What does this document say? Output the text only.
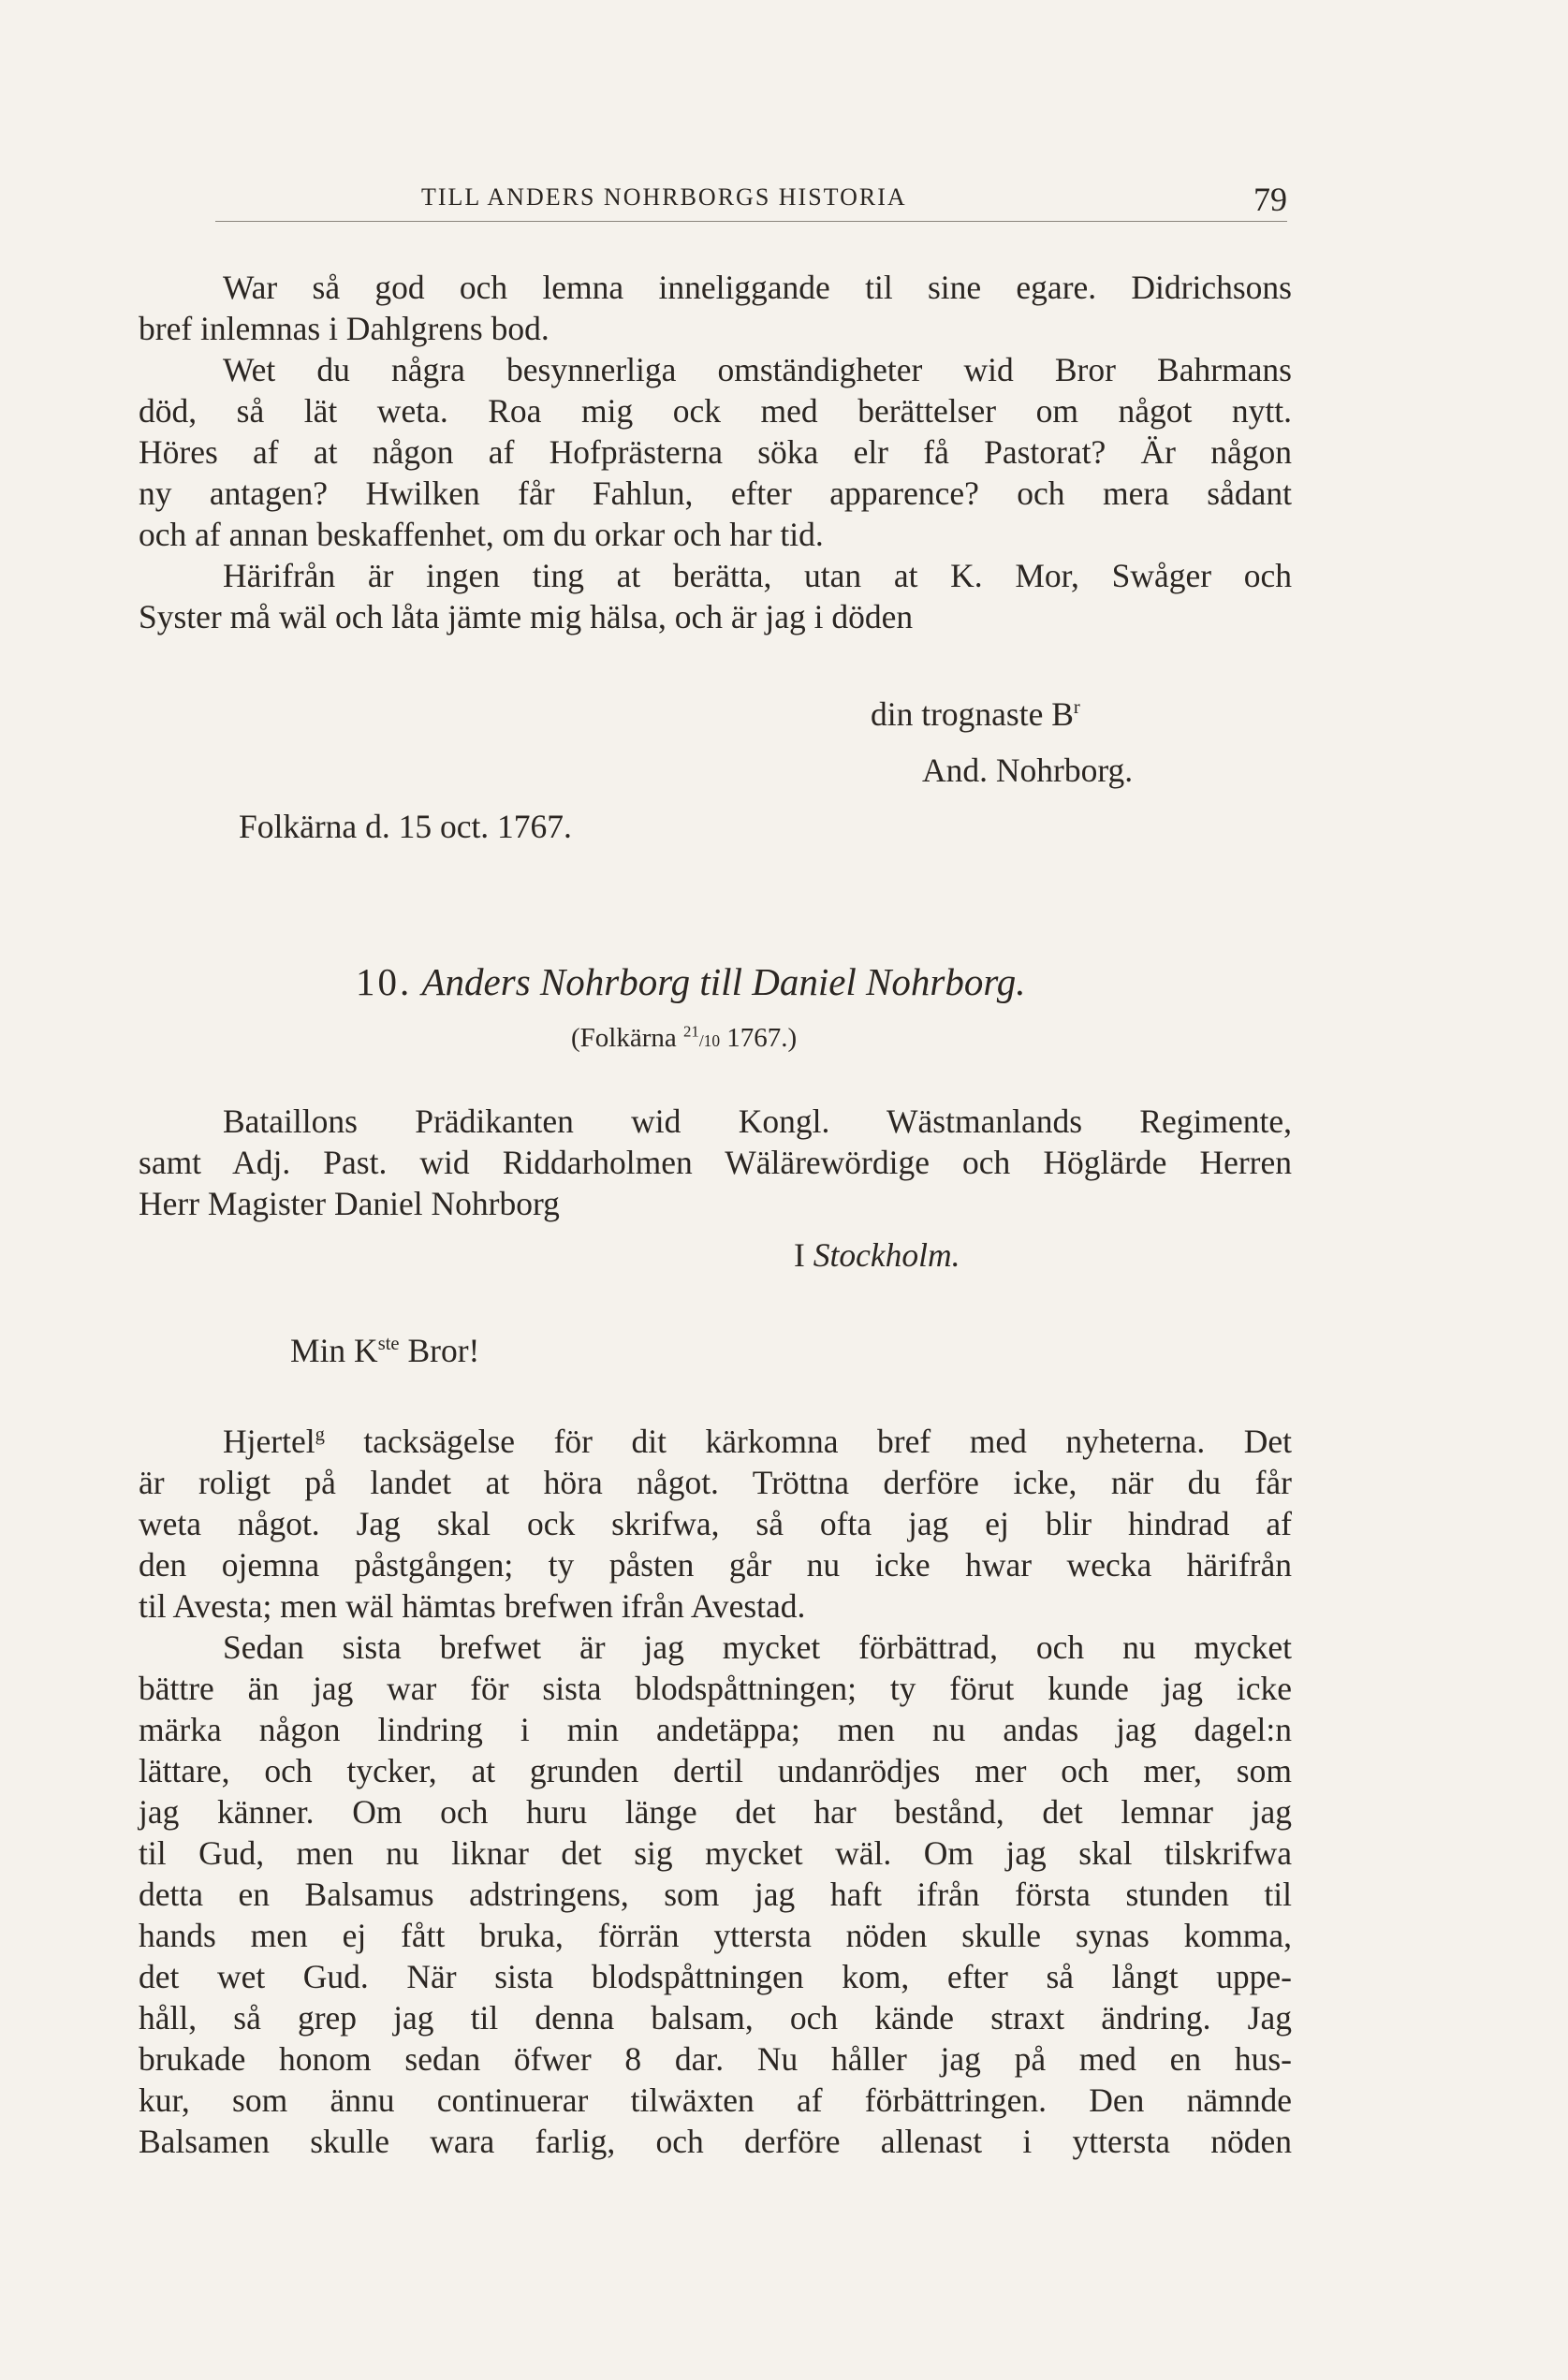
TILL ANDERS NOHRBORGS HISTORIA	79
War så god och lemna inneliggande til sine egare. Didrichsons
bref inlemnas i Dahlgrens bod.
Wet du några besynnerliga omständigheter wid Bror Bahrmans
död, så lät weta. Roa mig ock med berättelser om något nytt.
Höres af at någon af Hofprästerna söka elr få Pastorat? Är någon
ny antagen? Hwilken får Fahlun, efter apparence? och mera sådant
och af annan beskaffenhet, om du orkar och har tid.
Härifrån är ingen ting at berätta, utan at K. Mor, Swåger och
Syster må wäl och låta jämte mig hälsa, och är jag i döden
din trognaste $B^r$
And. Nohrborg.
Folkärna d. 15 oct. 1767.
10. Anders Nohrborg till Daniel Nohrborg.
(Folkärna $^{21}$/10 1767.)
Bataillons Prädikanten wid Kongl. Wästmanlands Regimente,
samt Adj. Past. wid Riddarholmen Wälärewördige och Höglärde Herren
Herr Magister Daniel Nohrborg
I Stockholm.
Min $K^{ste}$ Bror!
Hjertel$^g$ tacksägelse för dit kärkomna bref med nyheterna. Det
är roligt på landet at höra något. Tröttna derföre icke, när du får
weta något. Jag skal ock skrifwa, så ofta jag ej blir hindrad af
den ojemna påstgången; ty påsten går nu icke hwar wecka härifrån
til Avesta; men wäl hämtas brefwen ifrån Avestad.
Sedan sista brefwet är jag mycket förbättrad, och nu mycket
bättre än jag war för sista blodspåttningen; ty förut kunde jag icke
märka någon lindring i min andetäppa; men nu andas jag dagel:n
lättare, och tycker, at grunden dertil undanrödjes mer och mer, som
jag känner. Om och huru länge det har bestånd, det lemnar jag
til Gud, men nu liknar det sig mycket wäl. Om jag skal tilskrifwa
detta en Balsamus adstringens, som jag haft ifrån första stunden til
hands men ej fått bruka, förrän yttersta nöden skulle synas komma,
det wet Gud. När sista blodspåttningen kom, efter så långt uppe-
håll, så grep jag til denna balsam, och kände straxt ändring. Jag
brukade honom sedan öfwer 8 dar. Nu håller jag på med en hus-
kur, som ännu continuerar tilwäxten af förbättringen. Den nämnde
Balsamen skulle wara farlig, och derföre allenast i yttersta nöden
